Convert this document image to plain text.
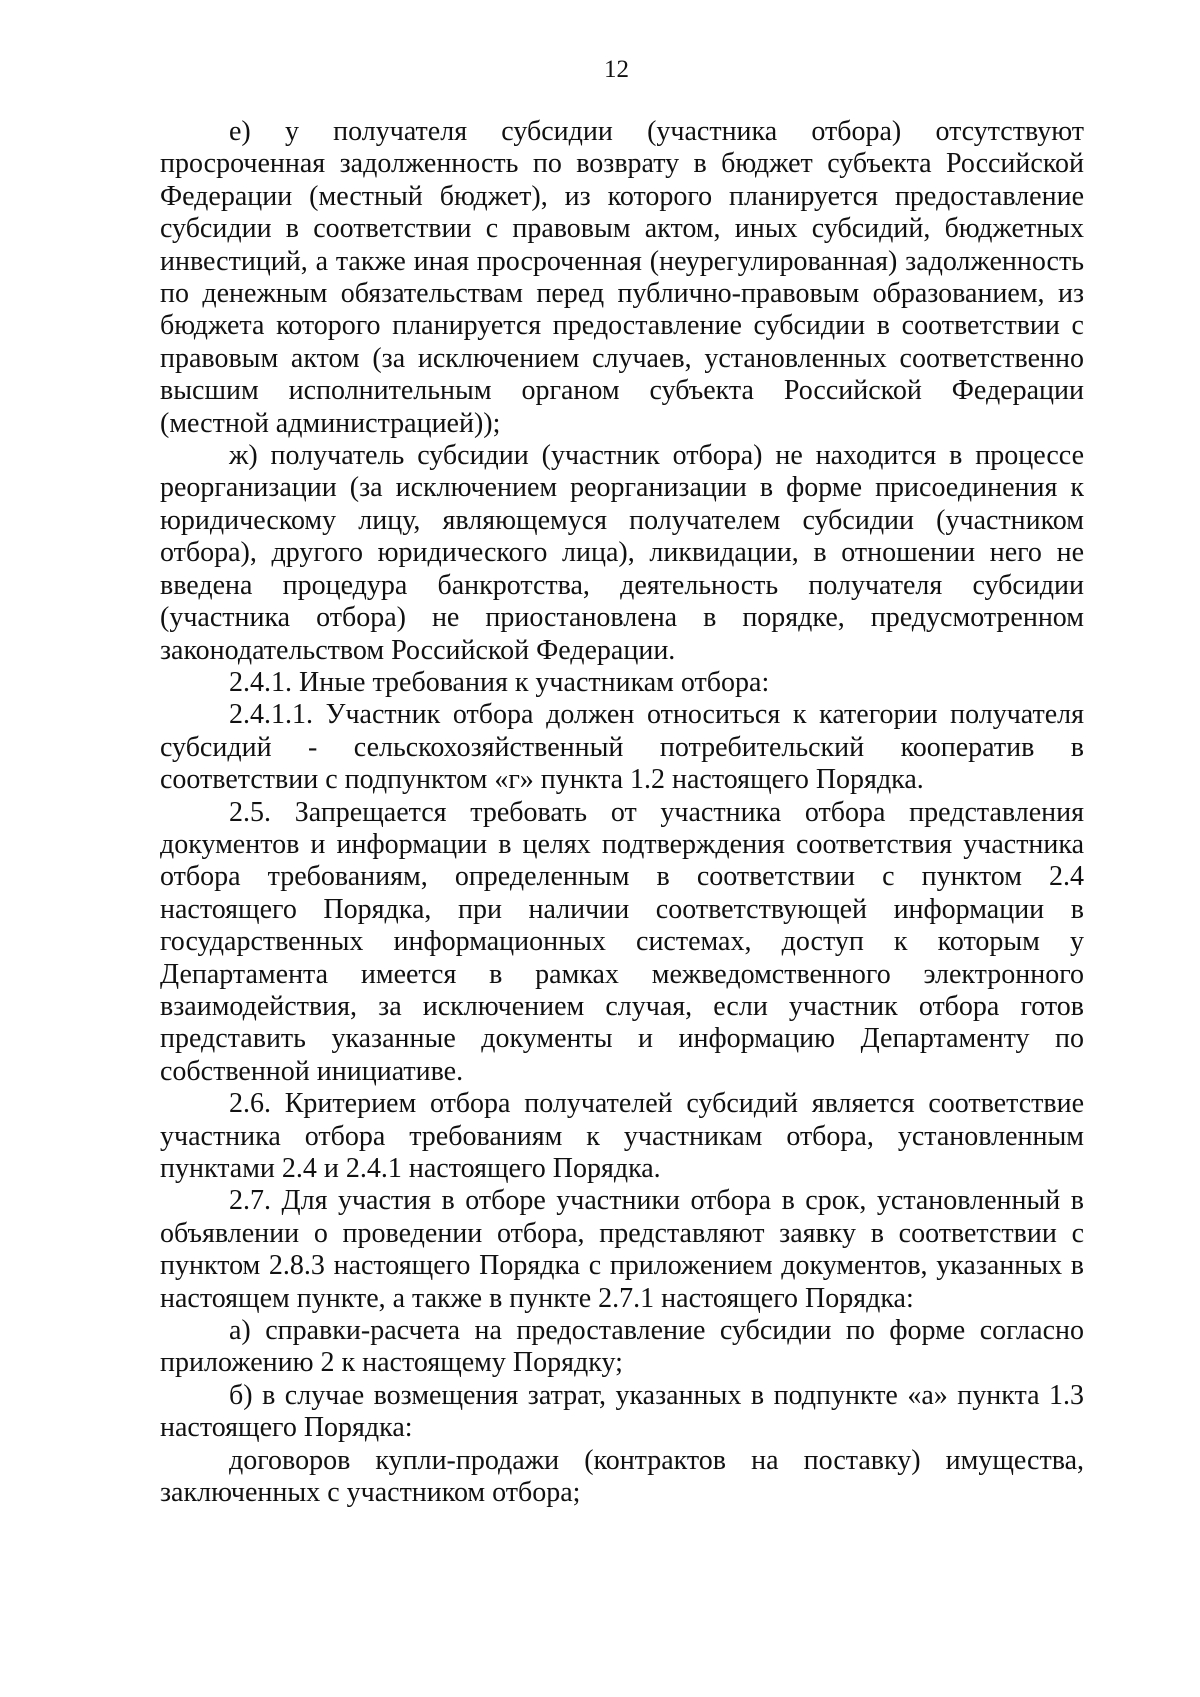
12

е) у получателя субсидии (участника отбора) отсутствуют просроченная задолженность по возврату в бюджет субъекта Российской Федерации (местный бюджет), из которого планируется предоставление субсидии в соответствии с правовым актом, иных субсидий, бюджетных инвестиций, а также иная просроченная (неурегулированная) задолженность по денежным обязательствам перед публично-правовым образованием, из бюджета которого планируется предоставление субсидии в соответствии с правовым актом (за исключением случаев, установленных соответственно высшим исполнительным органом субъекта Российской Федерации (местной администрацией));

ж) получатель субсидии (участник отбора) не находится в процессе реорганизации (за исключением реорганизации в форме присоединения к юридическому лицу, являющемуся получателем субсидии (участником отбора), другого юридического лица), ликвидации, в отношении него не введена процедура банкротства, деятельность получателя субсидии (участника отбора) не приостановлена в порядке, предусмотренном законодательством Российской Федерации.

2.4.1. Иные требования к участникам отбора:

2.4.1.1. Участник отбора должен относиться к категории получателя субсидий - сельскохозяйственный потребительский кооператив в соответствии с подпунктом «г» пункта 1.2 настоящего Порядка.

2.5. Запрещается требовать от участника отбора представления документов и информации в целях подтверждения соответствия участника отбора требованиям, определенным в соответствии с пунктом 2.4 настоящего Порядка, при наличии соответствующей информации в государственных информационных системах, доступ к которым у Департамента имеется в рамках межведомственного электронного взаимодействия, за исключением случая, если участник отбора готов представить указанные документы и информацию Департаменту по собственной инициативе.

2.6. Критерием отбора получателей субсидий является соответствие участника отбора требованиям к участникам отбора, установленным пунктами 2.4 и 2.4.1 настоящего Порядка.

2.7. Для участия в отборе участники отбора в срок, установленный в объявлении о проведении отбора, представляют заявку в соответствии с пунктом 2.8.3 настоящего Порядка с приложением документов, указанных в настоящем пункте, а также в пункте 2.7.1 настоящего Порядка:

а) справки-расчета на предоставление субсидии по форме согласно приложению 2 к настоящему Порядку;

б) в случае возмещения затрат, указанных в подпункте «а» пункта 1.3 настоящего Порядка:

договоров купли-продажи (контрактов на поставку) имущества, заключенных с участником отбора;
